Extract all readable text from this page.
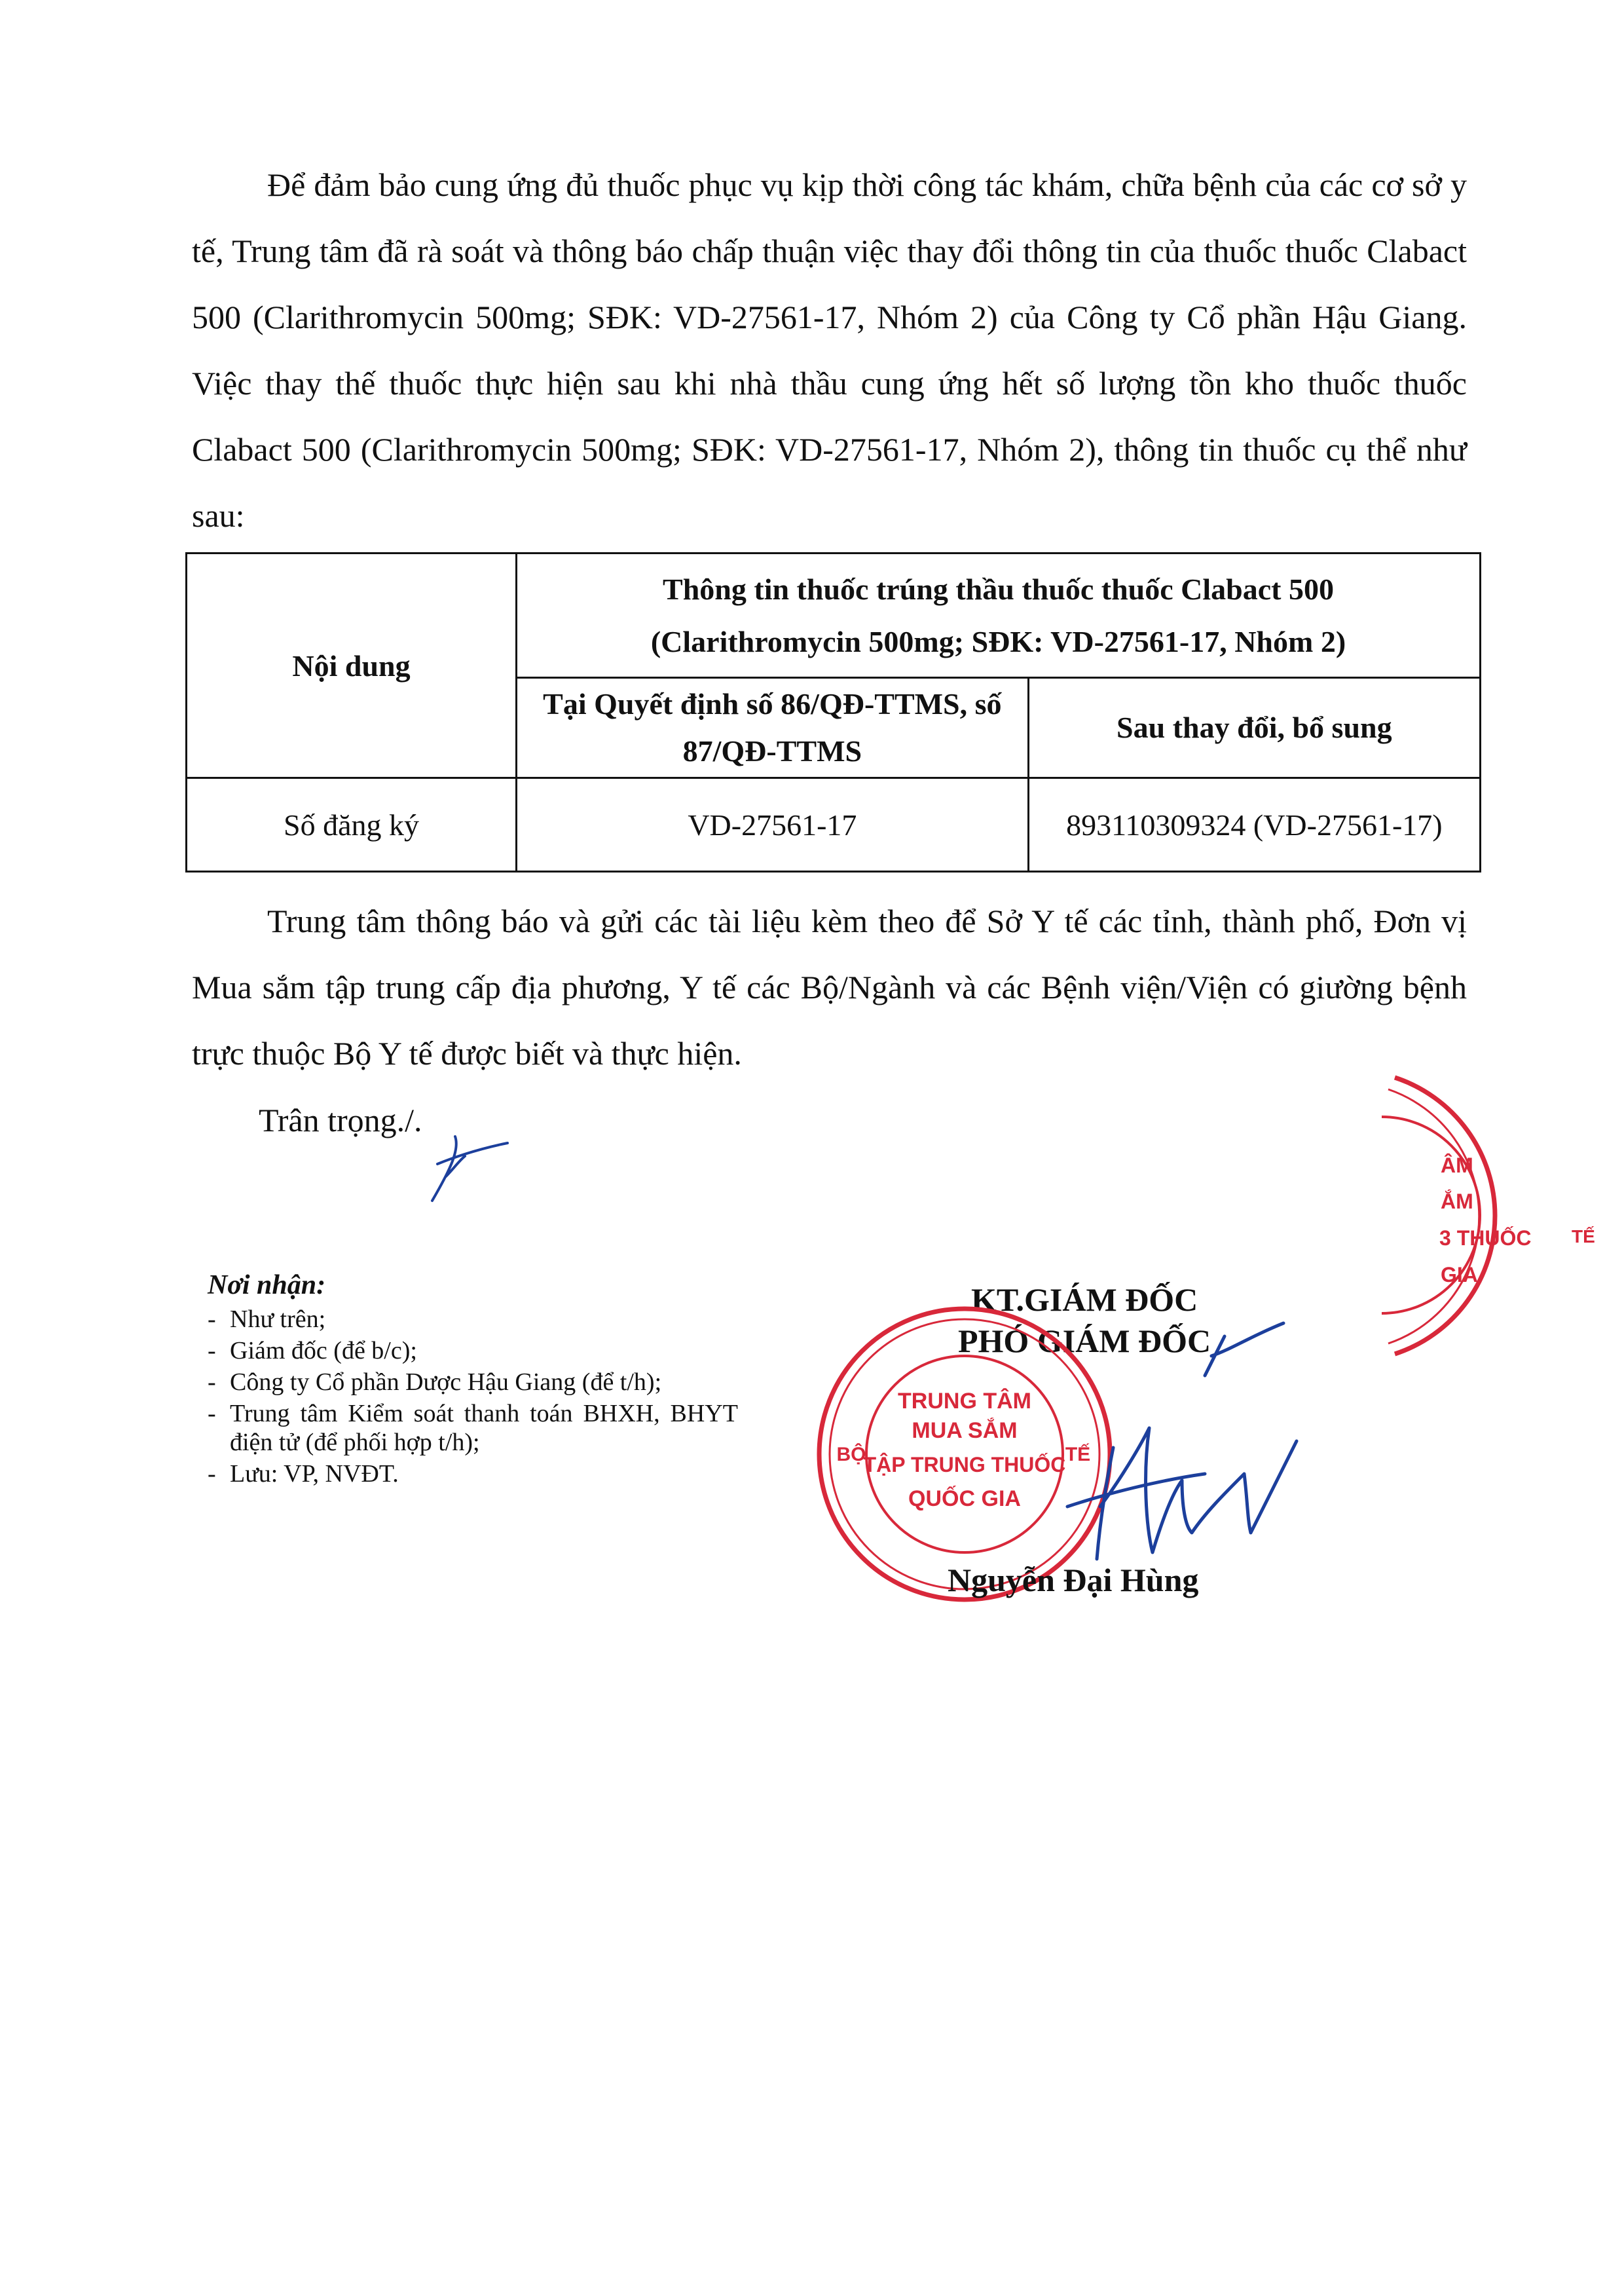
Để đảm bảo cung ứng đủ thuốc phục vụ kịp thời công tác khám, chữa bệnh của các cơ sở y tế, Trung tâm đã rà soát và thông báo chấp thuận việc thay đổi thông tin của thuốc thuốc Clabact 500 (Clarithromycin 500mg; SĐK: VD-27561-17, Nhóm 2) của Công ty Cổ phần Hậu Giang. Việc thay thế thuốc thực hiện sau khi nhà thầu cung ứng hết số lượng tồn kho thuốc thuốc Clabact 500 (Clarithromycin 500mg; SĐK: VD-27561-17, Nhóm 2), thông tin thuốc cụ thể như sau:

Nội dung	Thông tin thuốc trúng thầu thuốc thuốc Clabact 500
(Clarithromycin 500mg; SĐK: VD-27561-17, Nhóm 2)	

	Tại Quyết định số 86/QĐ-TTMS, số
87/QĐ-TTMS	Sau thay đổi, bổ sung
Số đăng ký	VD-27561-17	893110309324 (VD-27561-17)

Trung tâm thông báo và gửi các tài liệu kèm theo để Sở Y tế các tỉnh, thành phố, Đơn vị Mua sắm tập trung cấp địa phương, Y tế các Bộ/Ngành và các Bệnh viện/Viện có giường bệnh trực thuộc Bộ Y tế được biết và thực hiện.

Trân trọng./.
Nơi nhận:
- Như trên;
- Giám đốc (để b/c);
- Công ty Cổ phần Dược Hậu Giang (để t/h);
- Trung tâm Kiểm soát thanh toán BHXH, BHYT điện tử (để phối hợp t/h);
- Lưu: VP, NVĐT.
KT.GIÁM ĐỐC
PHÓ GIÁM ĐỐC
TRUNG TÂM
MUA SẮM
TẬP TRUNG THUỐC
QUỐC GIA
BỘ	TẾ
ÂM
ẮM
3 THUỐC
GIA
TẾ
Nguyễn Đại Hùng
